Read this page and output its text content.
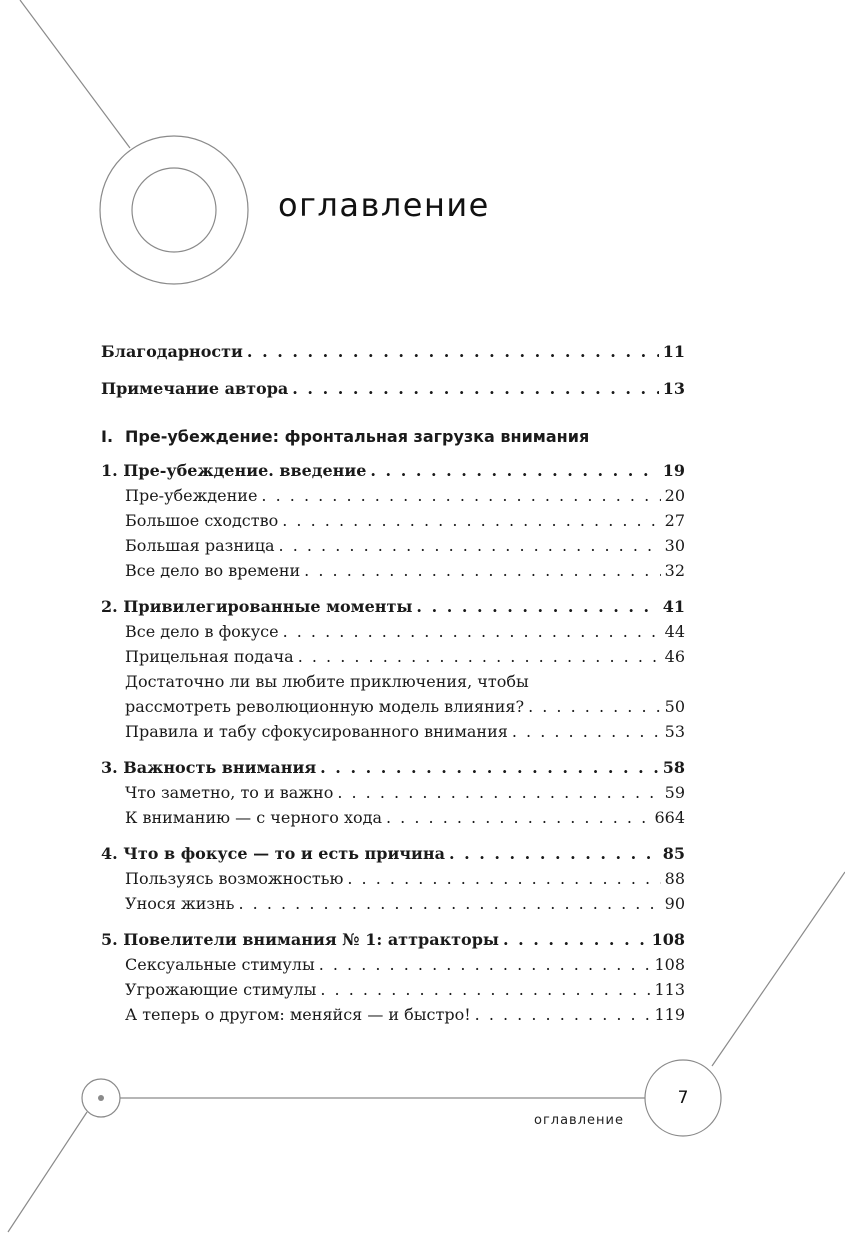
оглавление
Благодарности . . .	11
Примечание автора . . .	13
I. Пре-убеждение: фронтальная загрузка внимания
1. Пре-убеждение. введение . . .	19
Пре-убеждение . . .	20
Большое сходство . . .	27
Большая разница . . .	30
Все дело во времени . . .	32
2. Привилегированные моменты . . .	41
Все дело в фокусе . . .	44
Прицельная подача . . .	46
Достаточно ли вы любите приключения, чтобы
рассмотреть революционную модель влияния? . . .	50
Правила и табу сфокусированного внимания . . .	53
3. Важность внимания . . .	58
Что заметно, то и важно . . .	59
К вниманию — с черного хода . . .	664
4. Что в фокусе — то и есть причина . . .	85
Пользуясь возможностью . . .	88
Унося жизнь . . .	90
5. Повелители внимания № 1: аттракторы . . .	108
Сексуальные стимулы . . .	108
Угрожающие стимулы . . .	113
А теперь о другом: меняйся — и быстро! . . .	119
оглавление
7
